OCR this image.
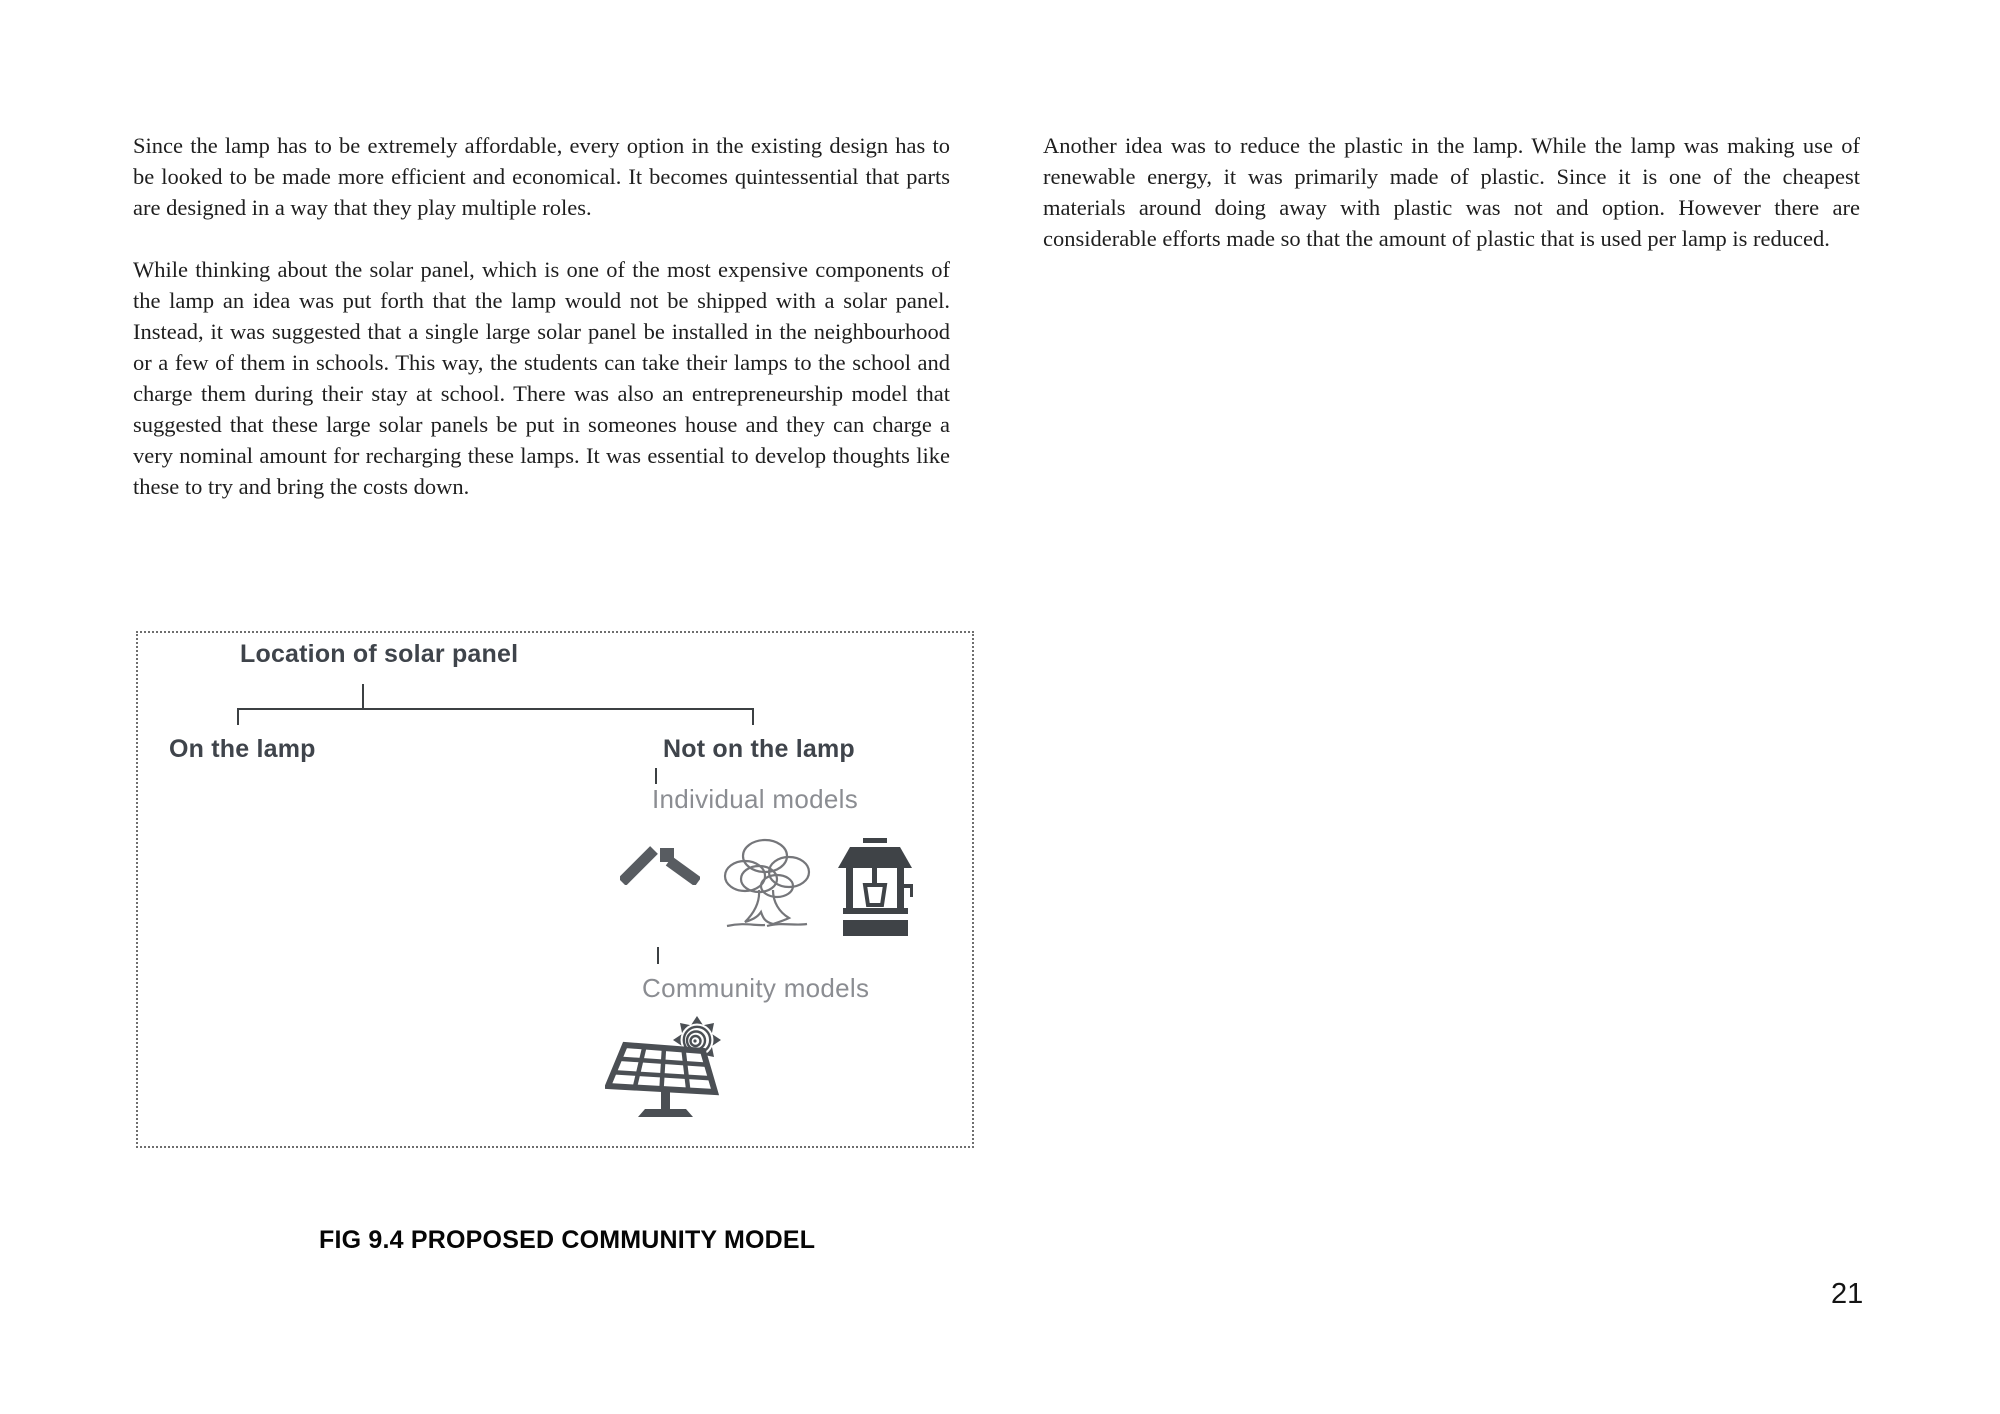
Since the lamp has to be extremely affordable, every option in the existing design has to be looked to be made more efficient and economical. It becomes quintessential that parts are designed in a way that they play multiple roles.

While thinking about the solar panel, which is one of the most expensive components of the lamp an idea was put forth that the lamp would not be shipped with a solar panel. Instead, it was suggested that a single large solar panel be installed in the neighbourhood or a few of them in schools. This way, the students can take their lamps to the school and charge them during their stay at school. There was also an entrepreneurship model that suggested that these large solar panels be put in someones house and they can charge a very nominal amount for recharging these lamps. It was essential to develop thoughts like these to try and bring the costs down.

Another idea was to reduce the plastic in the lamp. While the lamp was making use of renewable energy, it was primarily made of plastic. Since it is one of the cheapest materials around doing away with plastic was not and option. However there are considerable efforts made so that the amount of plastic that is used per lamp is reduced.

Location of solar panel
On the lamp	Not on the lamp
Individual models
Community models
FIG 9.4 PROPOSED COMMUNITY MODEL
21
